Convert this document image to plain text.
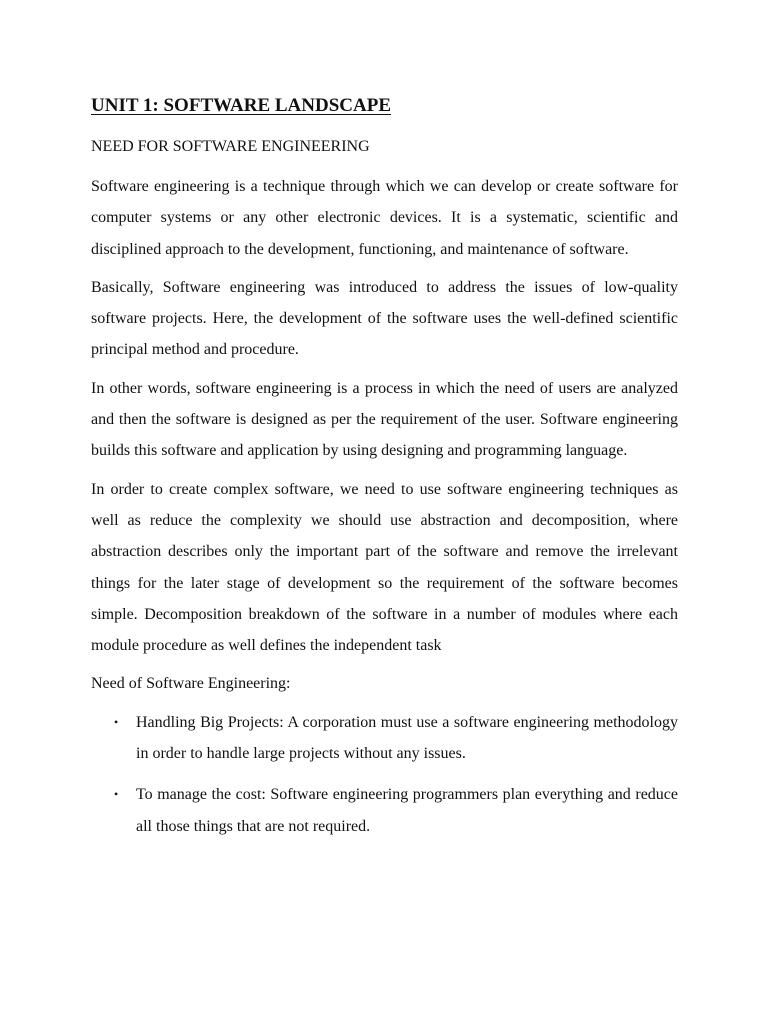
UNIT 1: SOFTWARE LANDSCAPE

NEED FOR SOFTWARE ENGINEERING

Software engineering is a technique through which we can develop or create software for computer systems or any other electronic devices. It is a systematic, scientific and disciplined approach to the development, functioning, and maintenance of software.

Basically, Software engineering was introduced to address the issues of low-quality software projects. Here, the development of the software uses the well-defined scientific principal method and procedure.

In other words, software engineering is a process in which the need of users are analyzed and then the software is designed as per the requirement of the user. Software engineering builds this software and application by using designing and programming language.

In order to create complex software, we need to use software engineering techniques as well as reduce the complexity we should use abstraction and decomposition, where abstraction describes only the important part of the software and remove the irrelevant things for the later stage of development so the requirement of the software becomes simple. Decomposition breakdown of the software in a number of modules where each module procedure as well defines the independent task

Need of Software Engineering:

• Handling Big Projects: A corporation must use a software engineering methodology in order to handle large projects without any issues.
• To manage the cost: Software engineering programmers plan everything and reduce all those things that are not required.
